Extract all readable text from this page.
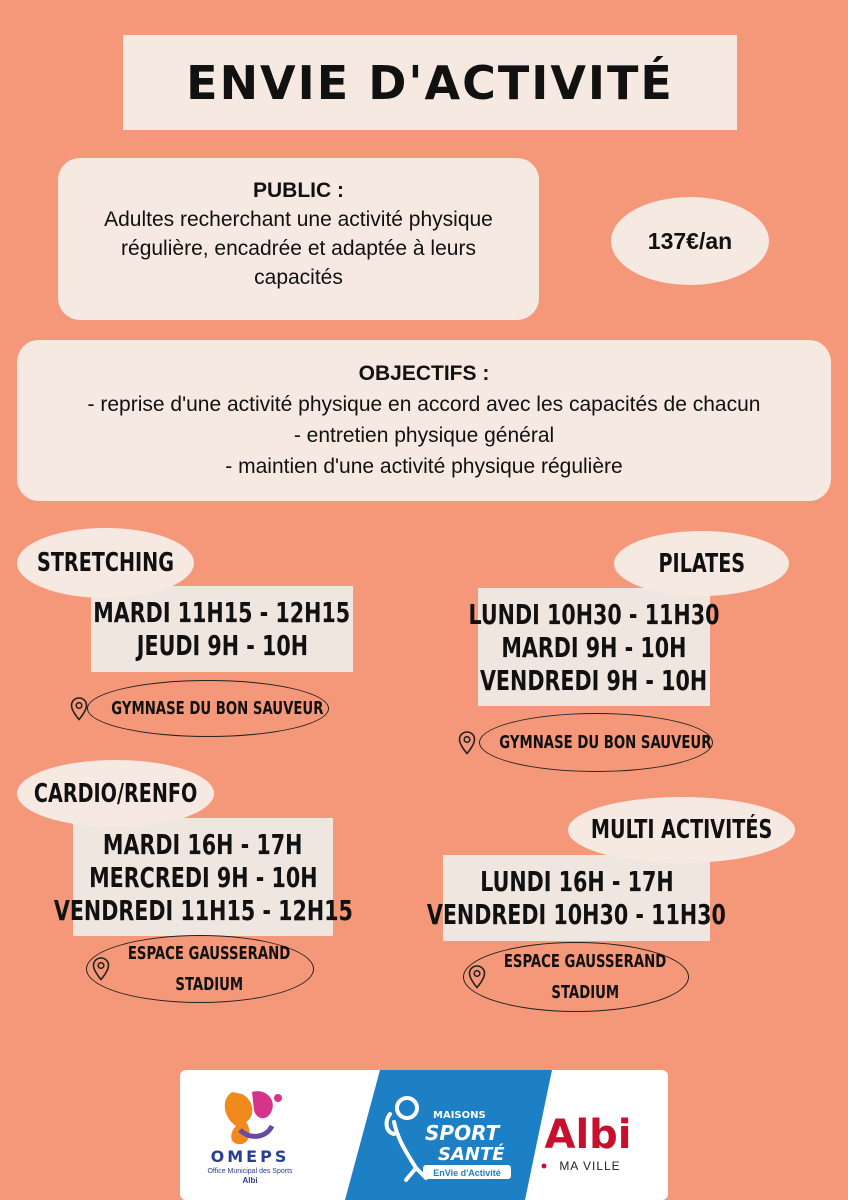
ENVIE D'ACTIVITÉ
PUBLIC :
Adultes recherchant une activité physique
régulière, encadrée et adaptée à leurs
capacités
137€/an
OBJECTIFS :
- reprise d'une activité physique en accord avec les capacités de chacun
- entretien physique général
- maintien d'une activité physique régulière
MARDI 11H15 - 12H15
JEUDI 9H - 10H
STRETCHING
GYMNASE DU BON SAUVEUR
LUNDI 10H30 - 11H30
MARDI 9H - 10H
VENDREDI 9H - 10H
PILATES
GYMNASE DU BON SAUVEUR
MARDI 16H - 17H
MERCREDI 9H - 10H
VENDREDI 11H15 - 12H15
CARDIO/RENFO
ESPACE GAUSSERAND
STADIUM
LUNDI 16H - 17H
VENDREDI 10H30 - 11H30
MULTI ACTIVITÉS
ESPACE GAUSSERAND
STADIUM
OMEPS
Office Municipal des Sports
Albi
MAISONS
SPORT
SANTÉ
EnVie d'Activité
Albi
MA VILLE
